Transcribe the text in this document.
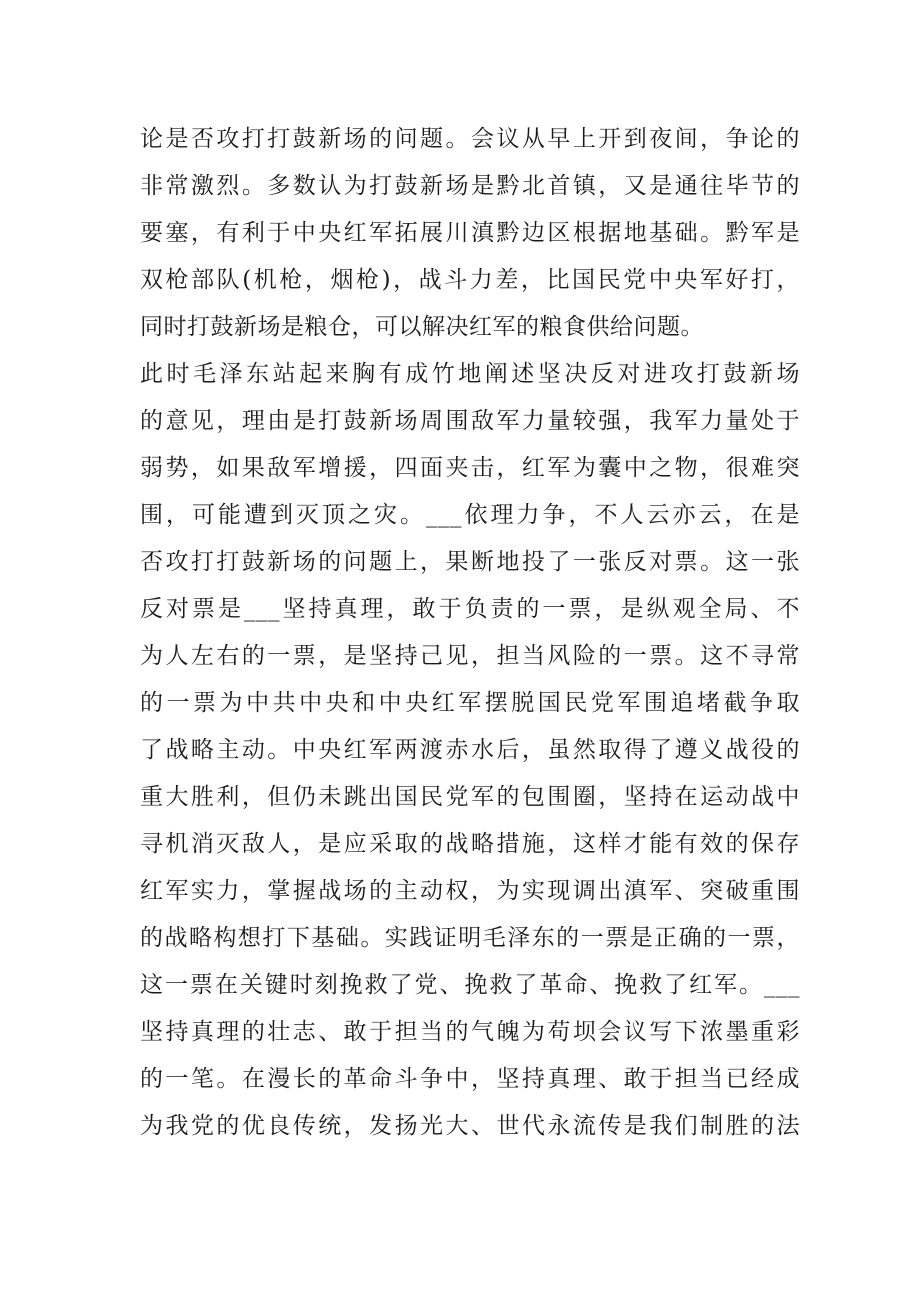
论是否攻打打鼓新场的问题。会议从早上开到夜间，争论的
非常激烈。多数认为打鼓新场是黔北首镇，又是通往毕节的
要塞，有利于中央红军拓展川滇黔边区根据地基础。黔军是
双枪部队(机枪，烟枪)，战斗力差，比国民党中央军好打，
同时打鼓新场是粮仓，可以解决红军的粮食供给问题。
此时毛泽东站起来胸有成竹地阐述坚决反对进攻打鼓新场
的意见，理由是打鼓新场周围敌军力量较强，我军力量处于
弱势，如果敌军增援，四面夹击，红军为囊中之物，很难突
围，可能遭到灭顶之灾。___依理力争，不人云亦云，在是
否攻打打鼓新场的问题上，果断地投了一张反对票。这一张
反对票是___坚持真理，敢于负责的一票，是纵观全局、不
为人左右的一票，是坚持己见，担当风险的一票。这不寻常
的一票为中共中央和中央红军摆脱国民党军围追堵截争取
了战略主动。中央红军两渡赤水后，虽然取得了遵义战役的
重大胜利，但仍未跳出国民党军的包围圈，坚持在运动战中
寻机消灭敌人，是应采取的战略措施，这样才能有效的保存
红军实力，掌握战场的主动权，为实现调出滇军、突破重围
的战略构想打下基础。实践证明毛泽东的一票是正确的一票，
这一票在关键时刻挽救了党、挽救了革命、挽救了红军。___
坚持真理的壮志、敢于担当的气魄为苟坝会议写下浓墨重彩
的一笔。在漫长的革命斗争中，坚持真理、敢于担当已经成
为我党的优良传统，发扬光大、世代永流传是我们制胜的法
